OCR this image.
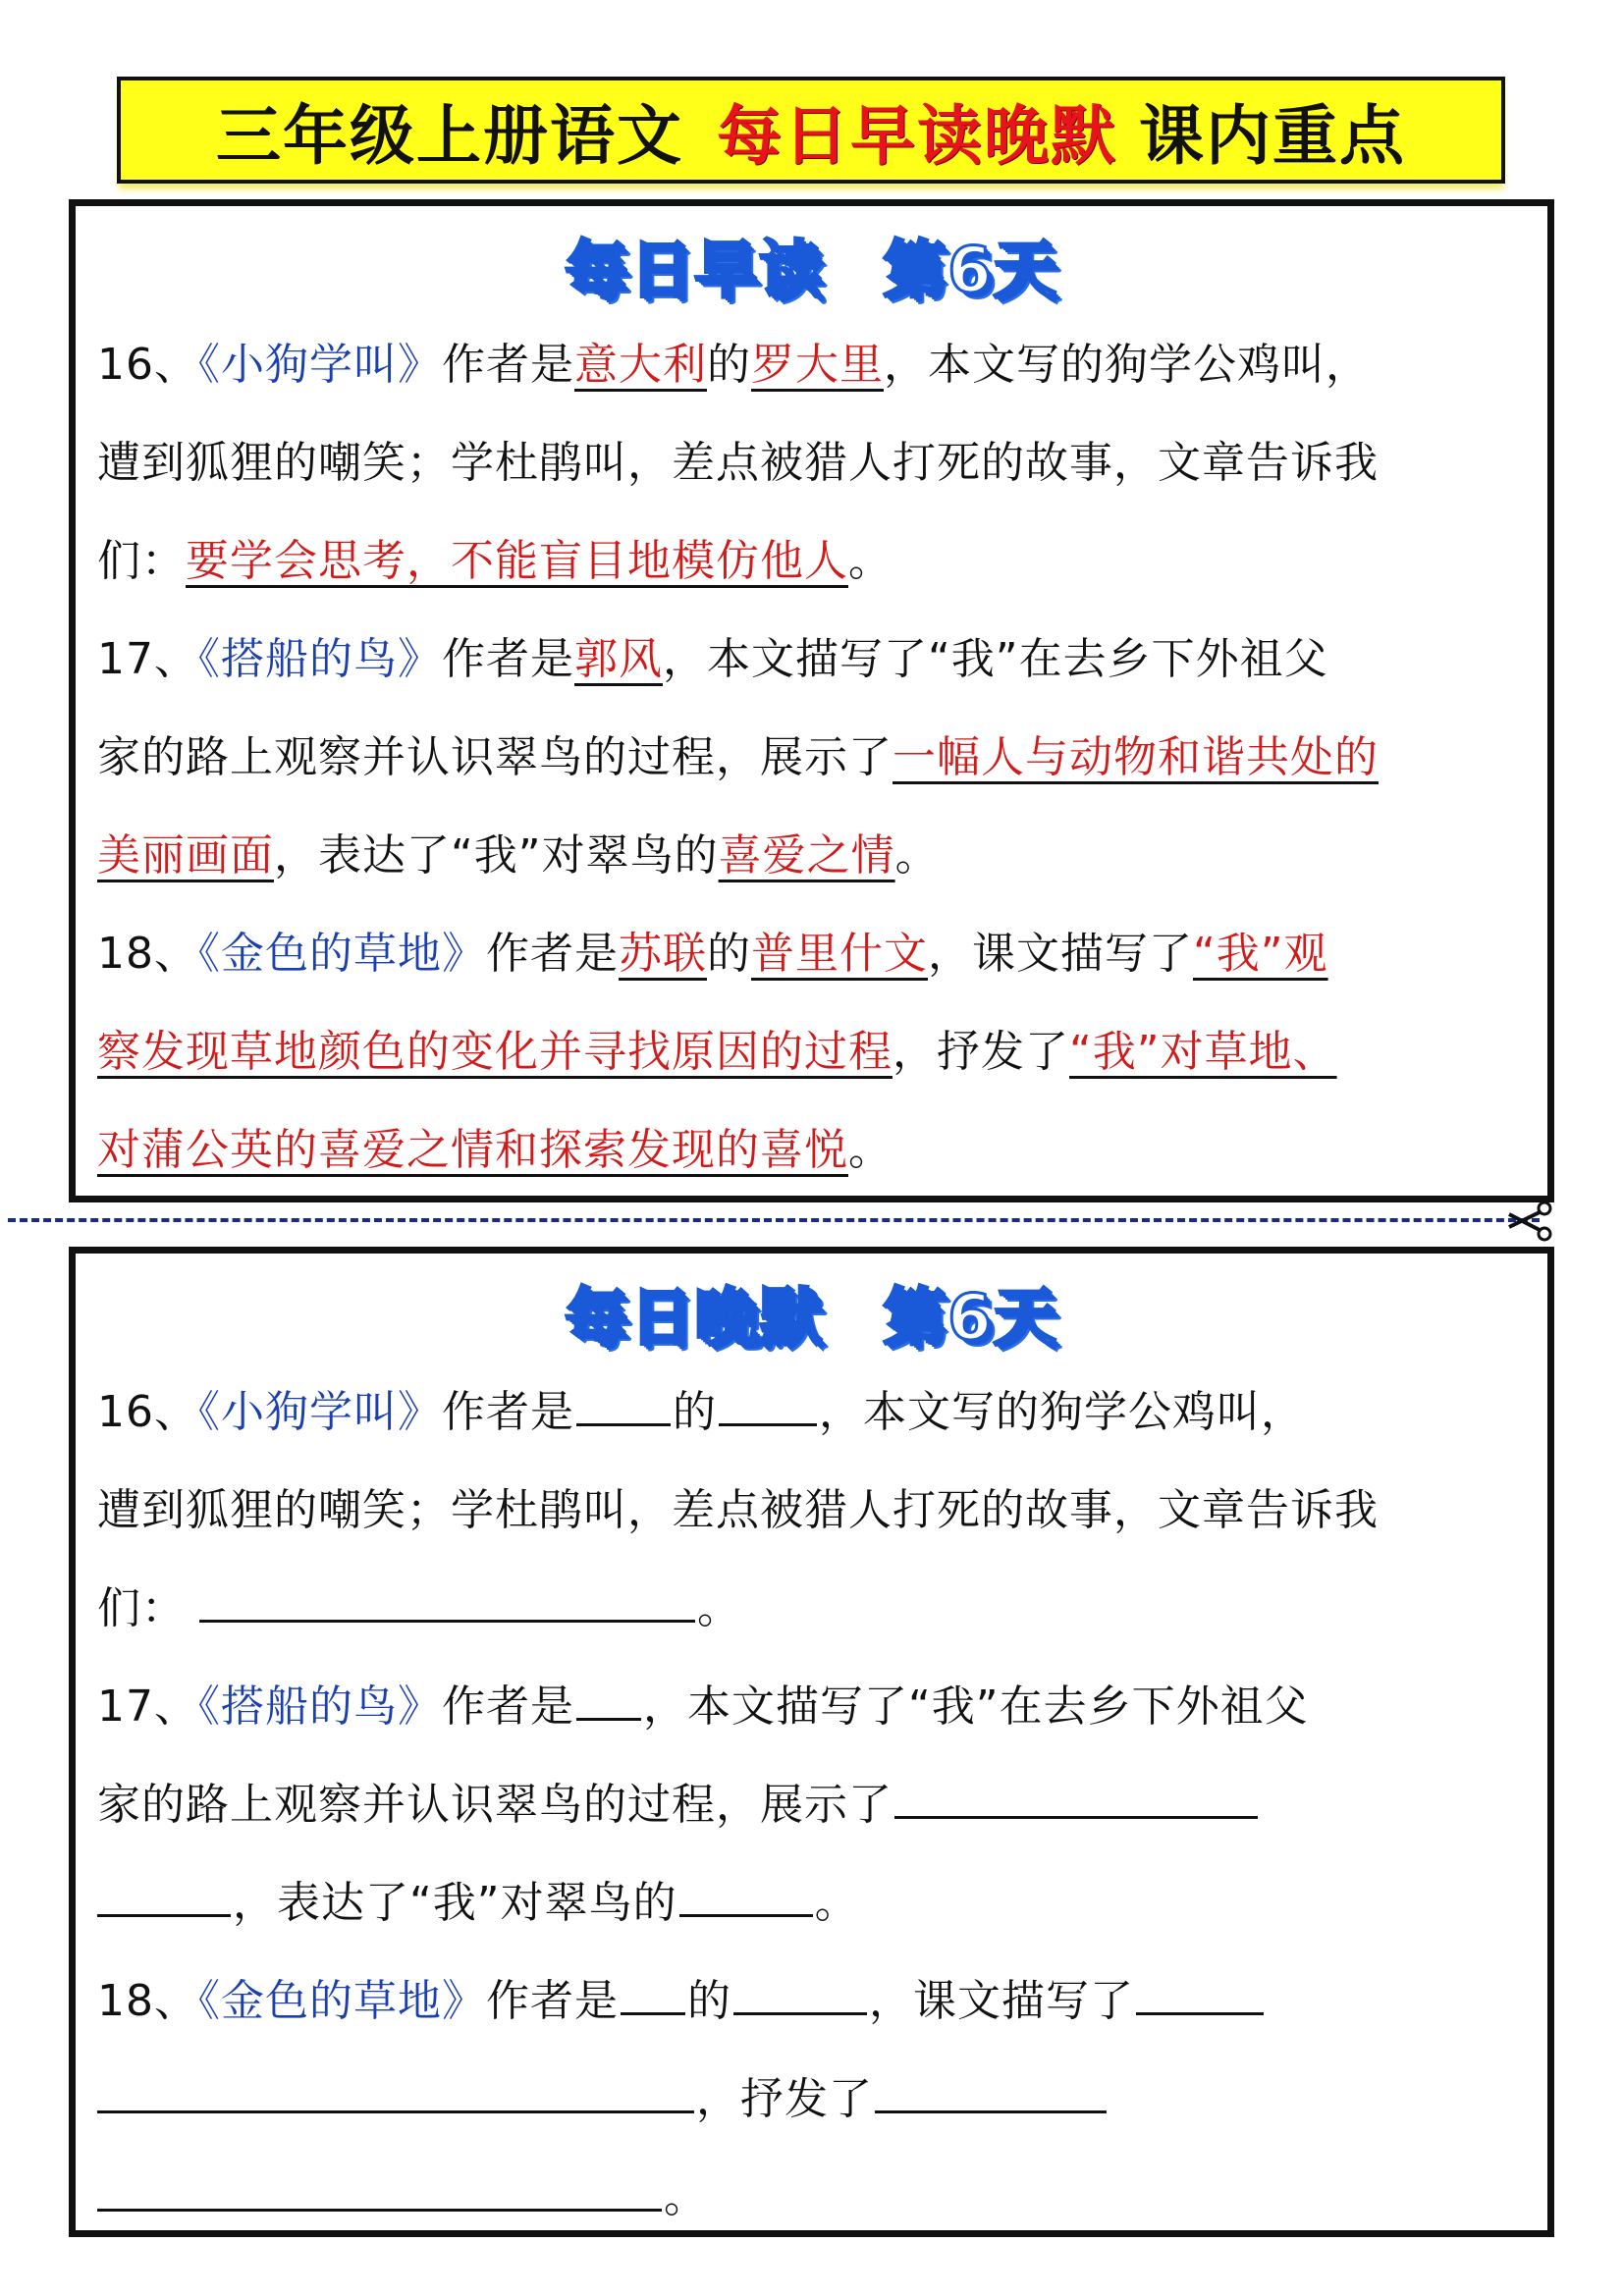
三年级上册语文 每日早读晚默 课内重点
每日早读 第6天
16、《小狗学叫》作者是意大利的罗大里，本文写的狗学公鸡叫，
遭到狐狸的嘲笑；学杜鹃叫，差点被猎人打死的故事，文章告诉我
们：要学会思考，不能盲目地模仿他人。
17、《搭船的鸟》作者是郭风，本文描写了“我”在去乡下外祖父
家的路上观察并认识翠鸟的过程，展示了一幅人与动物和谐共处的
美丽画面，表达了“我”对翠鸟的喜爱之情。
18、《金色的草地》作者是苏联的普里什文，课文描写了“我”观
察发现草地颜色的变化并寻找原因的过程，抒发了“我”对草地、
对蒲公英的喜爱之情和探索发现的喜悦。
每日晚默 第6天
16、《小狗学叫》作者是 的 ，本文写的狗学公鸡叫，
遭到狐狸的嘲笑；学杜鹃叫，差点被猎人打死的故事，文章告诉我
们：	。
17、《搭船的鸟》作者是 ，本文描写了“我”在去乡下外祖父
家的路上观察并认识翠鸟的过程，展示了
，表达了“我”对翠鸟的	。
18、《金色的草地》作者是 的	，课文描写了
，抒发了
。
